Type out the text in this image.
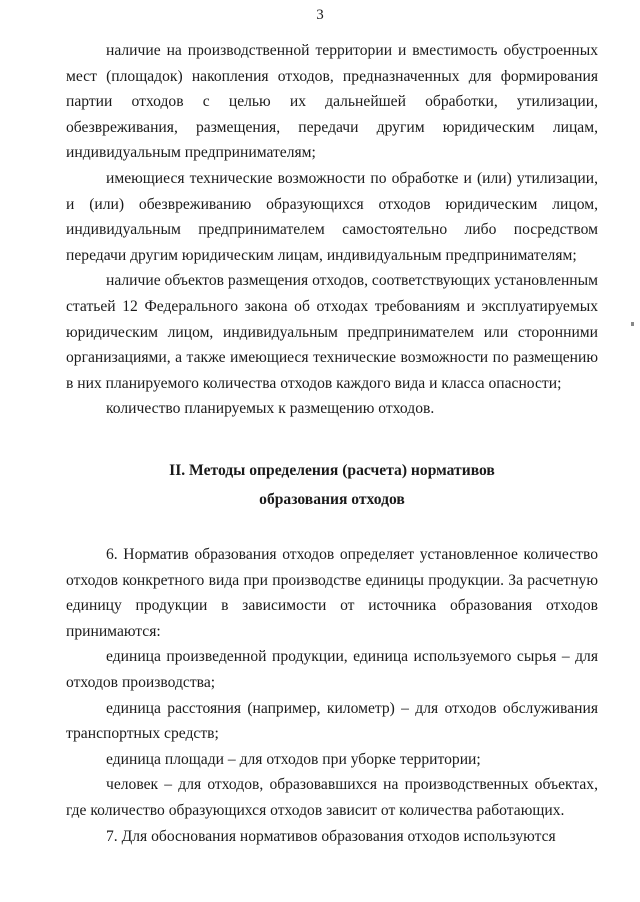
3

наличие на производственной территории и вместимость обустроенных мест (площадок) накопления отходов, предназначенных для формирования партии отходов с целью их дальнейшей обработки, утилизации, обезвреживания, размещения, передачи другим юридическим лицам, индивидуальным предпринимателям;

имеющиеся технические возможности по обработке и (или) утилизации, и (или) обезвреживанию образующихся отходов юридическим лицом, индивидуальным предпринимателем самостоятельно либо посредством передачи другим юридическим лицам, индивидуальным предпринимателям;

наличие объектов размещения отходов, соответствующих установленным статьей 12 Федерального закона об отходах требованиям и эксплуатируемых юридическим лицом, индивидуальным предпринимателем или сторонними организациями, а также имеющиеся технические возможности по размещению в них планируемого количества отходов каждого вида и класса опасности;

количество планируемых к размещению отходов.

II. Методы определения (расчета) нормативов
образования отходов

6. Норматив образования отходов определяет установленное количество отходов конкретного вида при производстве единицы продукции. За расчетную единицу продукции в зависимости от источника образования отходов принимаются:

единица произведенной продукции, единица используемого сырья – для отходов производства;

единица расстояния (например, километр) – для отходов обслуживания транспортных средств;

единица площади – для отходов при уборке территории;

человек – для отходов, образовавшихся на производственных объектах, где количество образующихся отходов зависит от количества работающих.

7. Для обоснования нормативов образования отходов используются
